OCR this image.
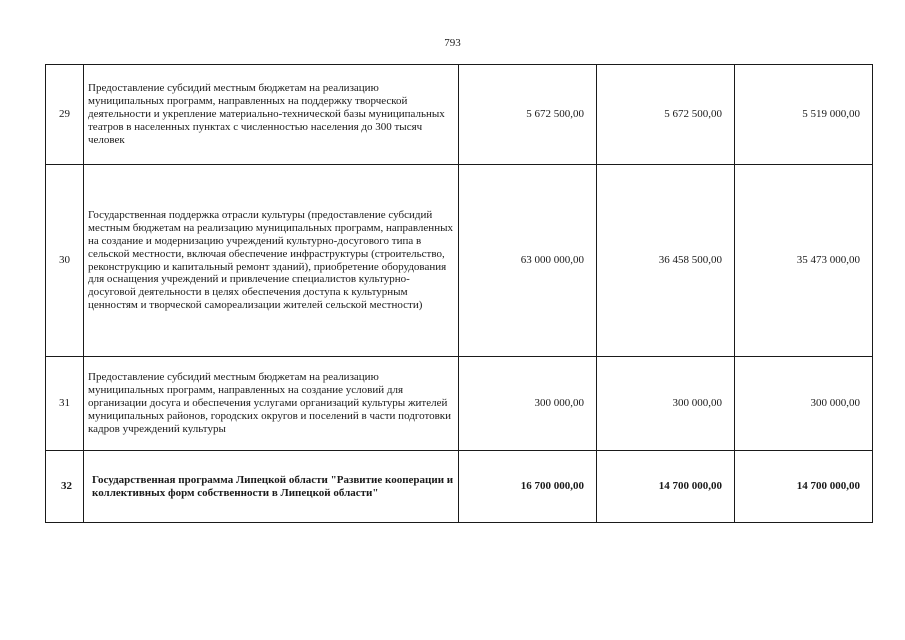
793
29	Предоставление субсидий местным бюджетам на реализацию муниципальных программ, направленных на поддержку творческой деятельности и укрепление материально-технической базы муниципальных театров в населенных пунктах с численностью населения до 300 тысяч человек	5 672 500,00	5 672 500,00	5 519 000,00
30	Государственная поддержка отрасли культуры (предоставление субсидий местным бюджетам на реализацию муниципальных программ, направленных на создание и модернизацию учреждений культурно-досугового типа в сельской местности, включая обеспечение инфраструктуры (строительство, реконструкцию и капитальный ремонт зданий), приобретение оборудования для оснащения учреждений и привлечение специалистов культурно-досуговой деятельности в целях обеспечения доступа к культурным ценностям и творческой самореализации жителей сельской местности)	63 000 000,00	36 458 500,00	35 473 000,00
31	Предоставление субсидий местным бюджетам на реализацию муниципальных программ, направленных на создание условий для организации досуга и обеспечения услугами организаций культуры жителей муниципальных районов, городских округов и поселений в части подготовки кадров учреждений культуры	300 000,00	300 000,00	300 000,00
32	Государственная программа Липецкой области "Развитие кооперации и коллективных форм собственности в Липецкой области"	16 700 000,00	14 700 000,00	14 700 000,00
